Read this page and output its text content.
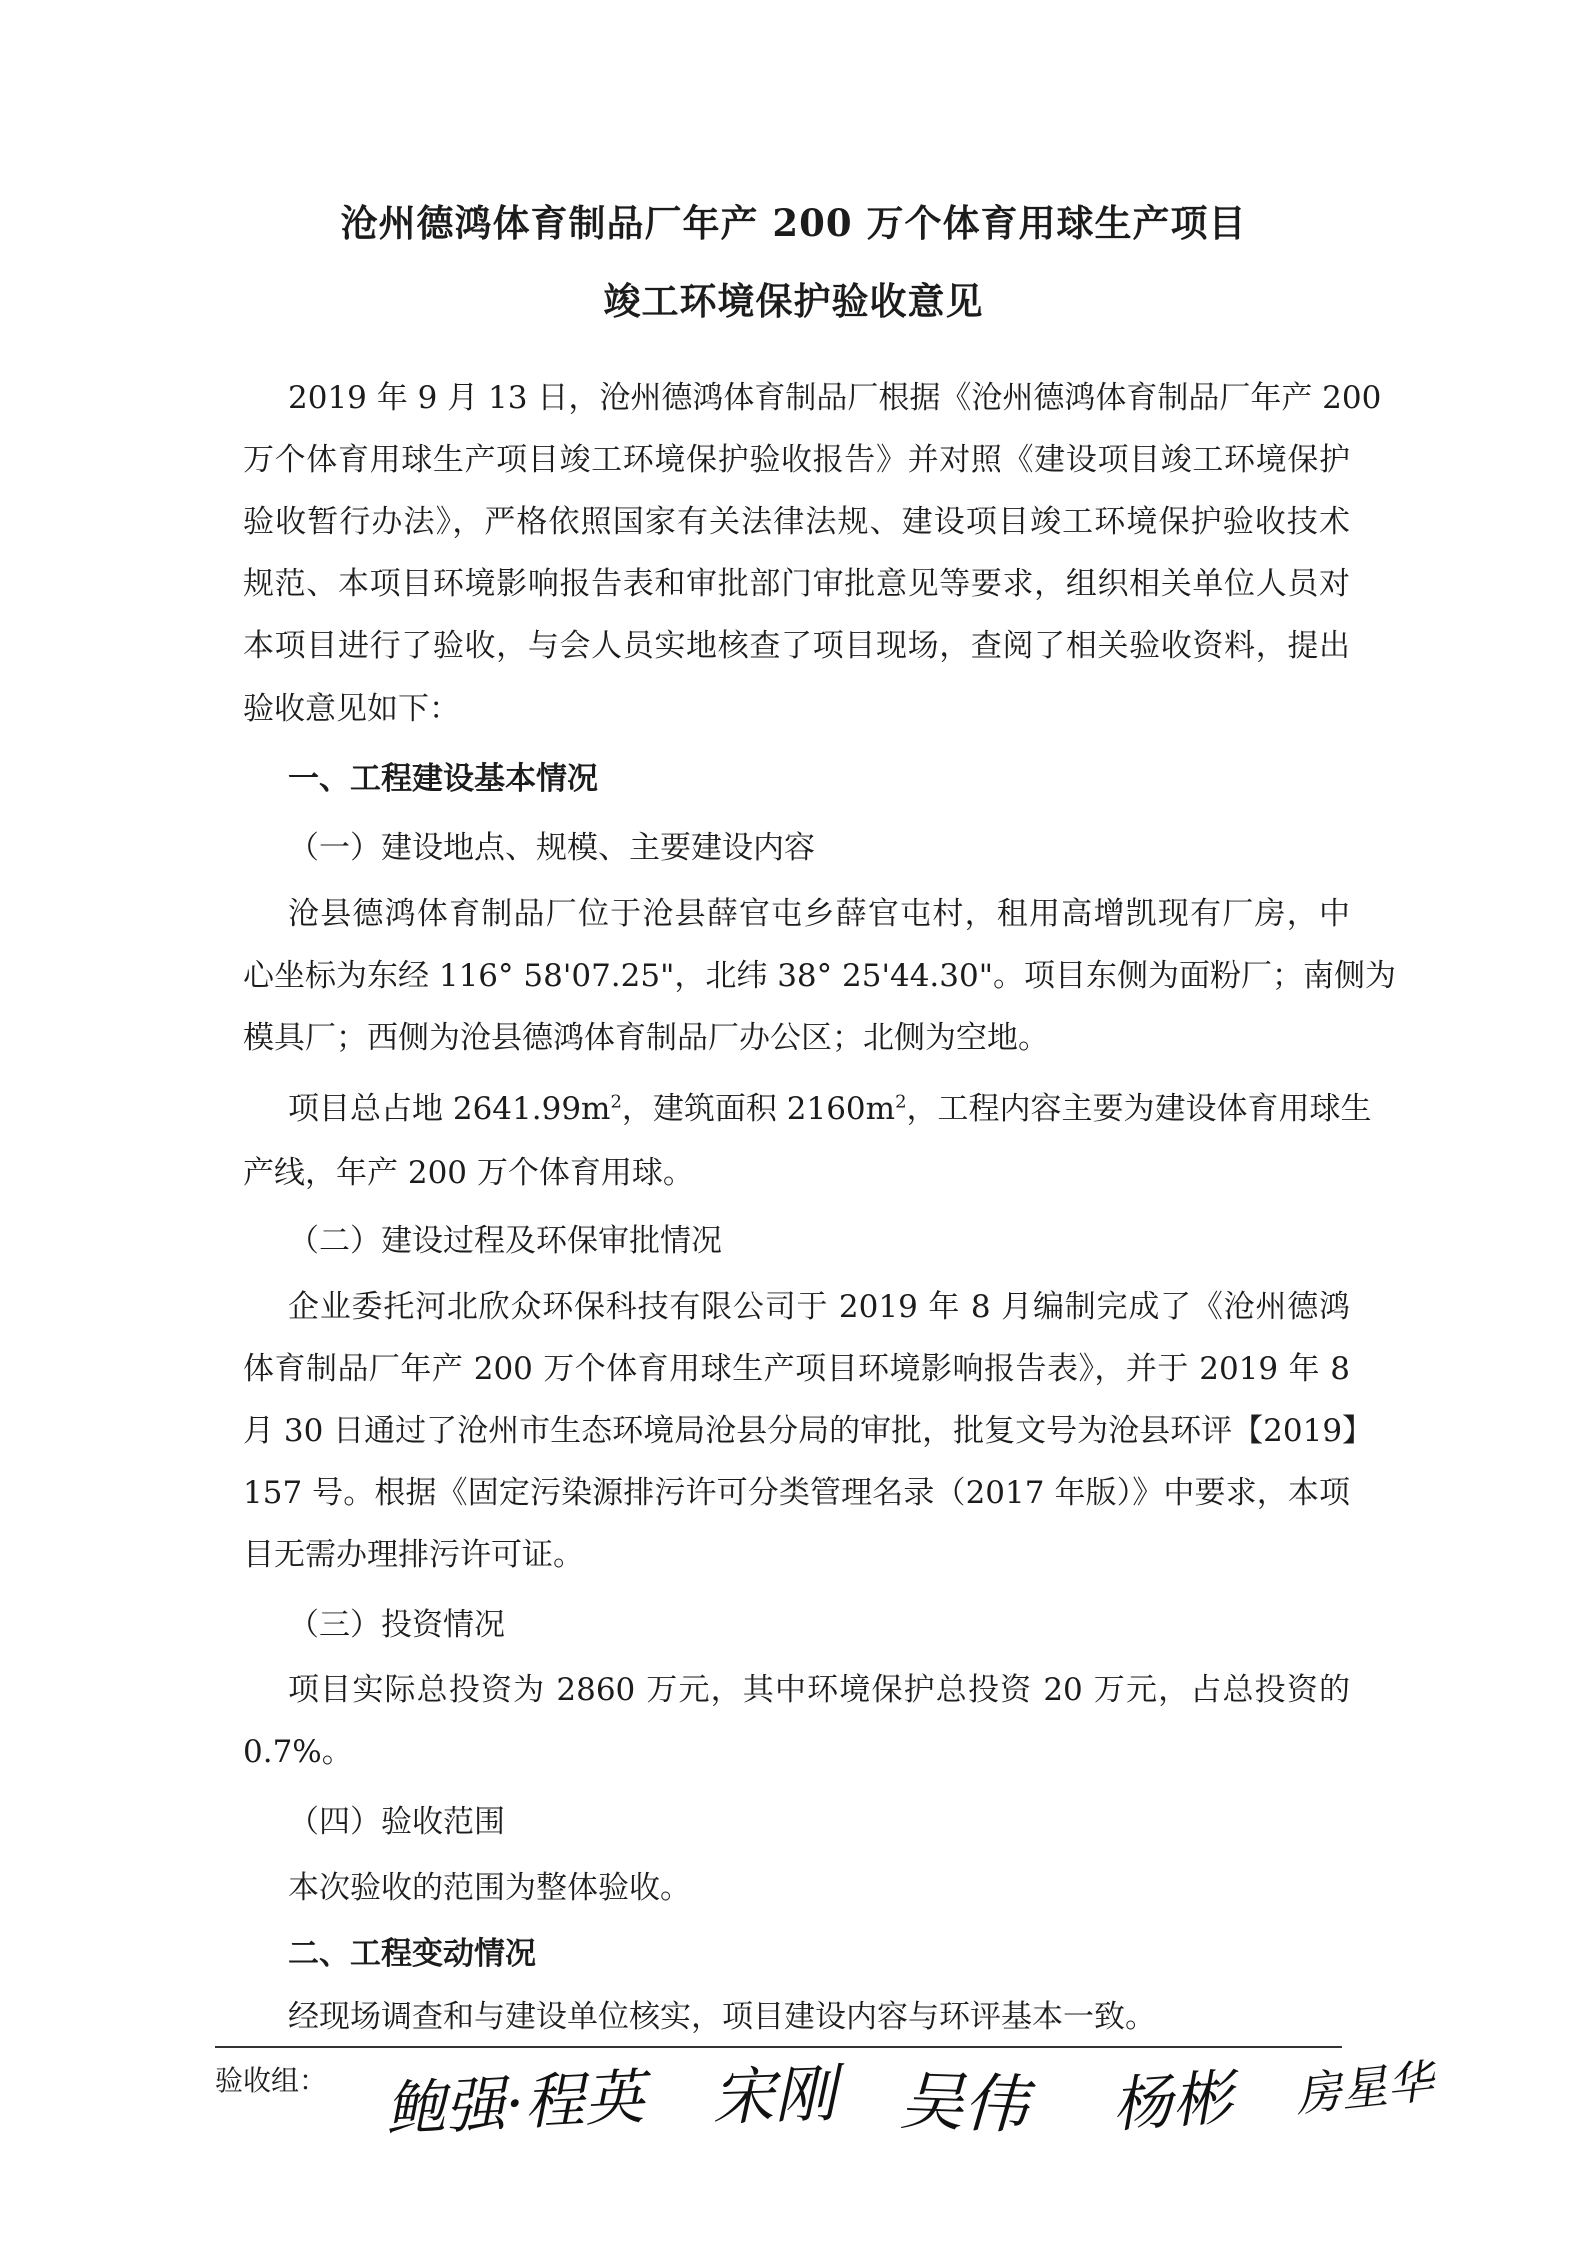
沧州德鸿体育制品厂年产 200 万个体育用球生产项目
竣工环境保护验收意见
2019 年 9 月 13 日，沧州德鸿体育制品厂根据《沧州德鸿体育制品厂年产 200
万个体育用球生产项目竣工环境保护验收报告》并对照《建设项目竣工环境保护
验收暂行办法》，严格依照国家有关法律法规、建设项目竣工环境保护验收技术
规范、本项目环境影响报告表和审批部门审批意见等要求，组织相关单位人员对
本项目进行了验收，与会人员实地核查了项目现场，查阅了相关验收资料，提出
验收意见如下：
一、工程建设基本情况
（一）建设地点、规模、主要建设内容
沧县德鸿体育制品厂位于沧县薛官屯乡薛官屯村，租用高增凯现有厂房，中
心坐标为东经 116° 58'07.25"，北纬 38° 25'44.30"。项目东侧为面粉厂；南侧为
模具厂；西侧为沧县德鸿体育制品厂办公区；北侧为空地。
项目总占地 $2641.99m^2$，建筑面积 $2160m^2$，工程内容主要为建设体育用球生
产线，年产 200 万个体育用球。
（二）建设过程及环保审批情况
企业委托河北欣众环保科技有限公司于 2019 年 8 月编制完成了《沧州德鸿
体育制品厂年产 200 万个体育用球生产项目环境影响报告表》，并于 2019 年 8
月 30 日通过了沧州市生态环境局沧县分局的审批，批复文号为沧县环评【2019】
157 号。根据《固定污染源排污许可分类管理名录（2017 年版）》中要求，本项
目无需办理排污许可证。
（三）投资情况
项目实际总投资为 2860 万元，其中环境保护总投资 20 万元，占总投资的
0.7%。
（四）验收范围
本次验收的范围为整体验收。
二、工程变动情况
经现场调查和与建设单位核实，项目建设内容与环评基本一致。
验收组： 鲍强·程英 宋刚 吴伟 杨彬 房星华
